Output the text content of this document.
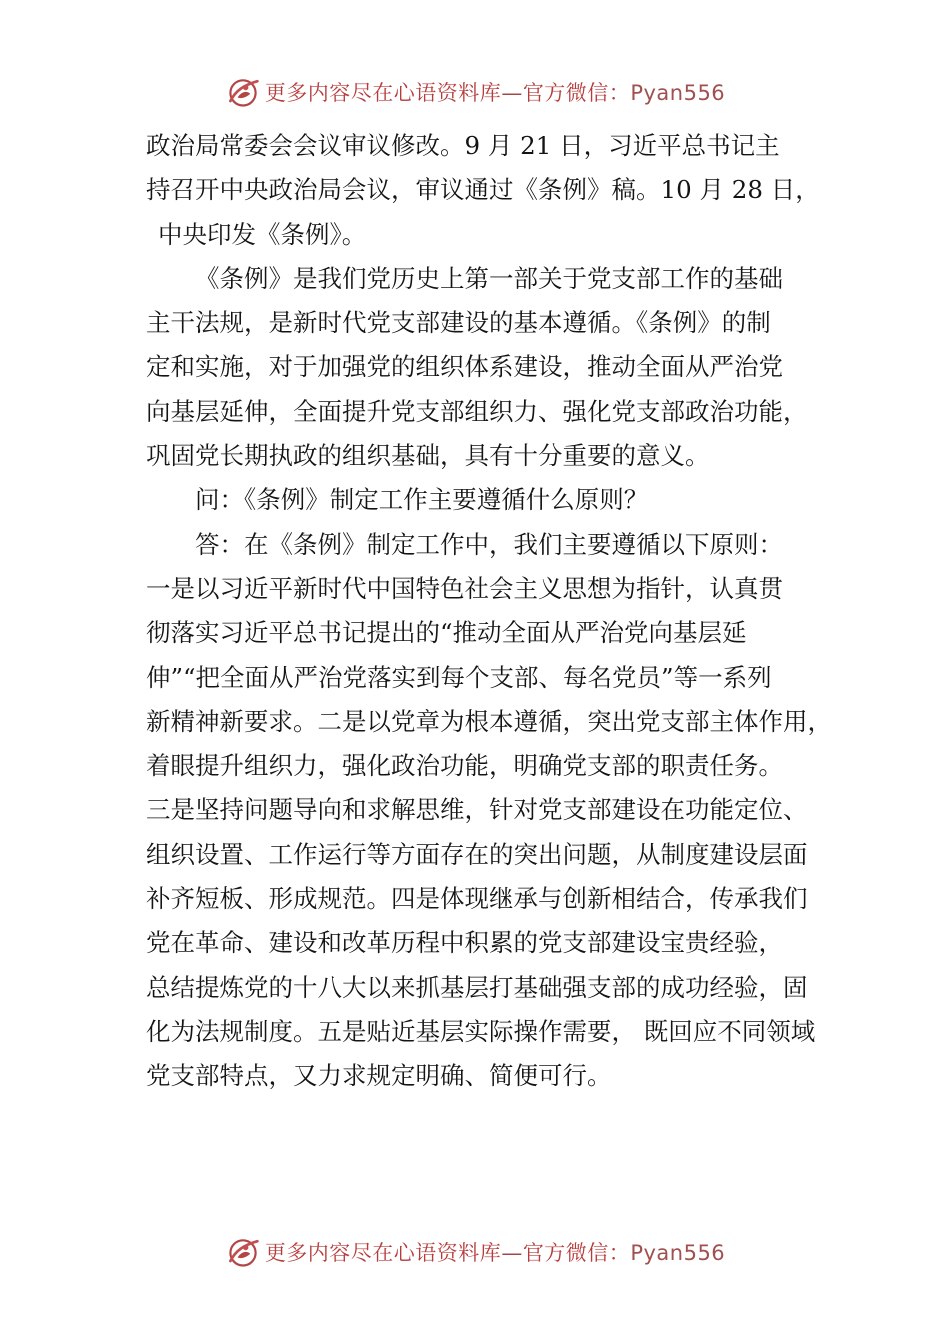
更多内容尽在心语资料库—官方微信：Pyan556
政治局常委会会议审议修改。9 月 21 日，习近平总书记主
持召开中央政治局会议，审议通过《条例》稿。10 月 28 日，
中央印发《条例》。
《条例》是我们党历史上第一部关于党支部工作的基础
主干法规，是新时代党支部建设的基本遵循。《条例》的制
定和实施，对于加强党的组织体系建设，推动全面从严治党
向基层延伸，全面提升党支部组织力、强化党支部政治功能，
巩固党长期执政的组织基础，具有十分重要的意义。
问：《条例》制定工作主要遵循什么原则？
答：在《条例》制定工作中，我们主要遵循以下原则：
一是以习近平新时代中国特色社会主义思想为指针，认真贯
彻落实习近平总书记提出的“推动全面从严治党向基层延
伸”“把全面从严治党落实到每个支部、每名党员”等一系列
新精神新要求。二是以党章为根本遵循，突出党支部主体作用，
着眼提升组织力，强化政治功能，明确党支部的职责任务。
三是坚持问题导向和求解思维，针对党支部建设在功能定位、
组织设置、工作运行等方面存在的突出问题，从制度建设层面
补齐短板、形成规范。四是体现继承与创新相结合，传承我们
党在革命、建设和改革历程中积累的党支部建设宝贵经验，
总结提炼党的十八大以来抓基层打基础强支部的成功经验，固
化为法规制度。五是贴近基层实际操作需要， 既回应不同领域
党支部特点，又力求规定明确、简便可行。
更多内容尽在心语资料库—官方微信：Pyan556
